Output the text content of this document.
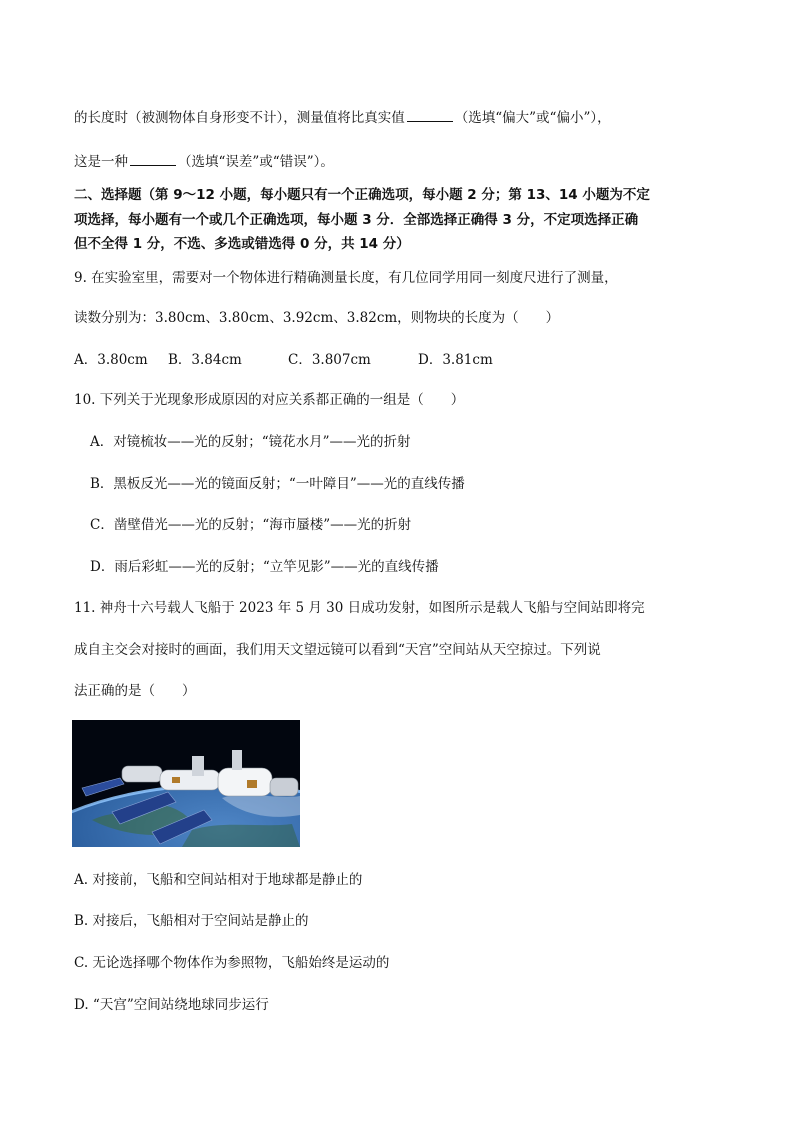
的长度时（被测物体自身形变不计），测量值将比真实值	（选填“偏大”或“偏小”），
这是一种	（选填“误差”或“错误”）。
二、选择题（第 9～12 小题，每小题只有一个正确选项，每小题 2 分；第 13、14 小题为不定
项选择，每小题有一个或几个正确选项，每小题 3 分．全部选择正确得 3 分，不定项选择正确
但不全得 1 分，不选、多选或错选得 0 分，共 14 分）
9. 在实验室里，需要对一个物体进行精确测量长度，有几位同学用同一刻度尺进行了测量，
读数分别为：3.80cm、3.80cm、3.92cm、3.82cm，则物块的长度为（　　）
A．3.80cm B．3.84cm	C．3.807cm	D．3.81cm
10. 下列关于光现象形成原因的对应关系都正确的一组是（　　）
A．对镜梳妆——光的反射；“镜花水月”——光的折射
B．黑板反光——光的镜面反射；“一叶障目”——光的直线传播
C．凿壁借光——光的反射；“海市蜃楼”——光的折射
D．雨后彩虹——光的反射；“立竿见影”——光的直线传播
11. 神舟十六号载人飞船于 2023 年 5 月 30 日成功发射，如图所示是载人飞船与空间站即将完
成自主交会对接时的画面，我们用天文望远镜可以看到“天宫”空间站从天空掠过。下列说
法正确的是（　　）
A. 对接前，飞船和空间站相对于地球都是静止的
B. 对接后，飞船相对于空间站是静止的
C. 无论选择哪个物体作为参照物，飞船始终是运动的
D. “天宫”空间站绕地球同步运行
